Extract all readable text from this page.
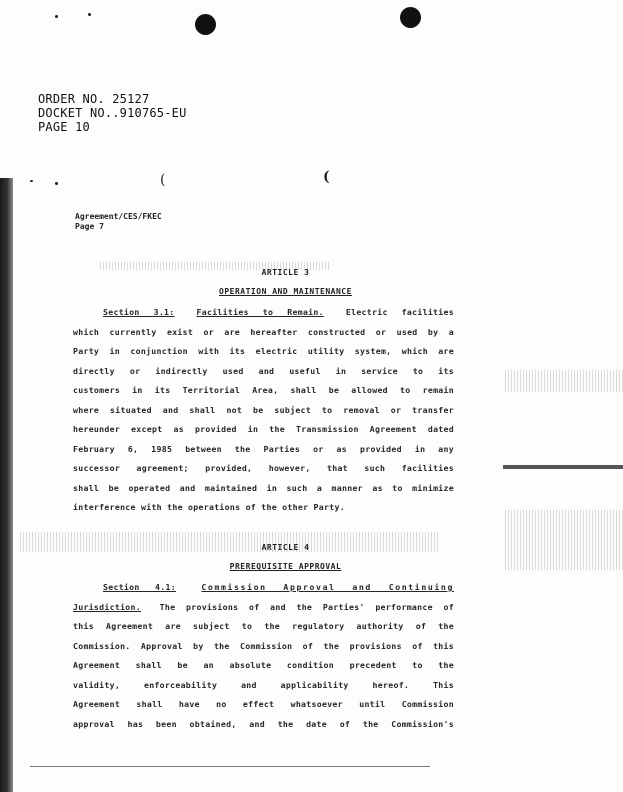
(	(
ORDER NO. 25127
DOCKET NO..910765-EU
PAGE 10
Agreement/CES/FKEC
Page 7
ARTICLE 3
OPERATION AND MAINTENANCE
Section 3.1:	Facilities to Remain.	Electric facilities
which currently exist or are hereafter constructed or used by a
Party in conjunction with its electric utility system, which are
directly or indirectly used and useful in service to its
customers in its Territorial Area, shall be allowed to remain
where situated and shall not be subject to removal or transfer
hereunder except as provided in the Transmission Agreement dated
February 6, 1985 between the Parties or as provided in any
successor agreement; provided, however, that such facilities
shall be operated and maintained in such a manner as to minimize
interference with the operations of the other Party.
ARTICLE 4
PREREQUISITE APPROVAL
Section 4.1:	Commission Approval and Continuing
Jurisdiction. The provisions of and the Parties' performance of
this Agreement are subject to the regulatory authority of the
Commission. Approval by the Commission of the provisions of this
Agreement shall be an absolute condition precedent to the
validity, enforceability and applicability hereof. This
Agreement shall have no effect whatsoever until Commission
approval has been obtained, and the date of the Commission's
